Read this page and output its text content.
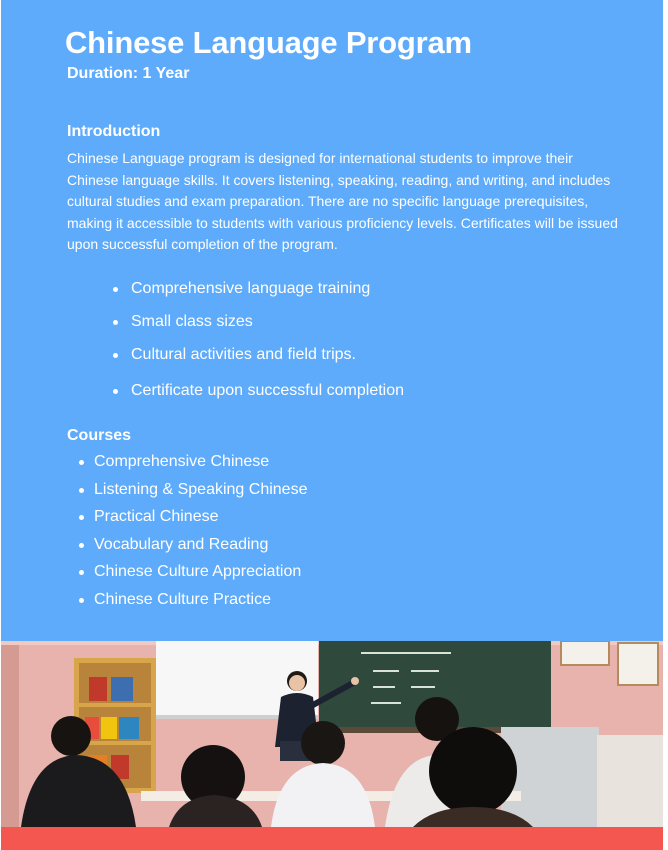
Chinese Language Program
Duration: 1 Year
Introduction

Chinese Language program is designed for international students to improve their Chinese language skills. It covers listening, speaking, reading, and writing, and includes cultural studies and exam preparation. There are no specific language prerequisites, making it accessible to students with various proficiency levels. Certificates will be issued upon successful completion of the program.

Comprehensive language training
Small class sizes
Cultural activities and field trips.
Certificate upon successful completion
Courses
Comprehensive Chinese
Listening & Speaking Chinese
Practical Chinese
Vocabulary and Reading
Chinese Culture Appreciation
Chinese Culture Practice
